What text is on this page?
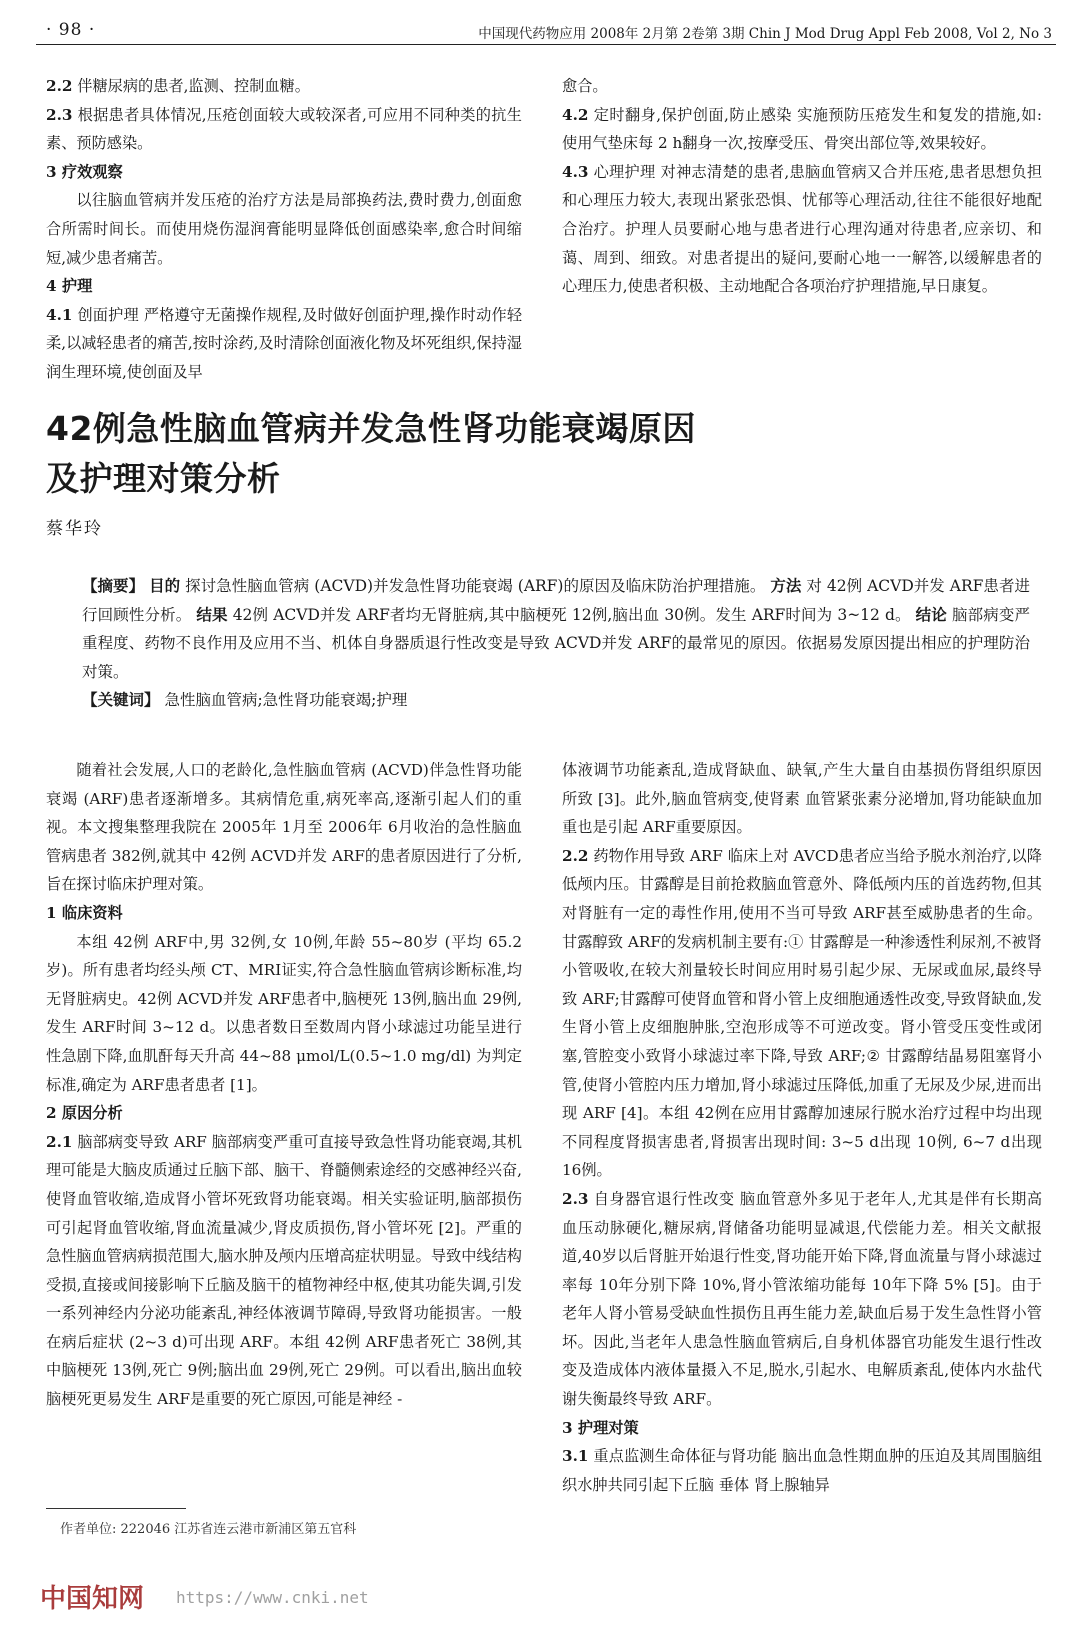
· 98 ·	中国现代药物应用 2008年 2月第 2卷第 3期 Chin J Mod Drug Appl Feb 2008, Vol 2, No 3

2.2 伴糖尿病的患者,监测、控制血糖。

2.3 根据患者具体情况,压疮创面较大或较深者,可应用不同种类的抗生素、预防感染。

3 疗效观察

以往脑血管病并发压疮的治疗方法是局部换药法,费时费力,创面愈合所需时间长。而使用烧伤湿润膏能明显降低创面感染率,愈合时间缩短,减少患者痛苦。

4 护理

4.1 创面护理 严格遵守无菌操作规程,及时做好创面护理,操作时动作轻柔,以减轻患者的痛苦,按时涂药,及时清除创面液化物及坏死组织,保持湿润生理环境,使创面及早

愈合。

4.2 定时翻身,保护创面,防止感染 实施预防压疮发生和复发的措施,如:使用气垫床每 2 h翻身一次,按摩受压、骨突出部位等,效果较好。

4.3 心理护理 对神志清楚的患者,患脑血管病又合并压疮,患者思想负担和心理压力较大,表现出紧张恐惧、忧郁等心理活动,往往不能很好地配合治疗。护理人员要耐心地与患者进行心理沟通对待患者,应亲切、和蔼、周到、细致。对患者提出的疑问,要耐心地一一解答,以缓解患者的心理压力,使患者积极、主动地配合各项治疗护理措施,早日康复。

42例急性脑血管病并发急性肾功能衰竭原因
及护理对策分析
蔡华玲

【摘要】 目的 探讨急性脑血管病 (ACVD)并发急性肾功能衰竭 (ARF)的原因及临床防治护理措施。 方法 对 42例 ACVD并发 ARF患者进行回顾性分析。 结果 42例 ACVD并发 ARF者均无肾脏病,其中脑梗死 12例,脑出血 30例。发生 ARF时间为 3~12 d。 结论 脑部病变严重程度、药物不良作用及应用不当、机体自身器质退行性改变是导致 ACVD并发 ARF的最常见的原因。依据易发原因提出相应的护理防治对策。

【关键词】 急性脑血管病;急性肾功能衰竭;护理

随着社会发展,人口的老龄化,急性脑血管病 (ACVD)伴急性肾功能衰竭 (ARF)患者逐渐增多。其病情危重,病死率高,逐渐引起人们的重视。本文搜集整理我院在 2005年 1月至 2006年 6月收治的急性脑血管病患者 382例,就其中 42例 ACVD并发 ARF的患者原因进行了分析,旨在探讨临床护理对策。

1 临床资料

本组 42例 ARF中,男 32例,女 10例,年龄 55~80岁 (平均 65.2岁)。所有患者均经头颅 CT、MRI证实,符合急性脑血管病诊断标准,均无肾脏病史。42例 ACVD并发 ARF患者中,脑梗死 13例,脑出血 29例,发生 ARF时间 3~12 d。以患者数日至数周内肾小球滤过功能呈进行性急剧下降,血肌酐每天升高 44~88 μmol/L(0.5~1.0 mg/dl) 为判定标准,确定为 ARF患者患者 [1]。

2 原因分析

2.1 脑部病变导致 ARF 脑部病变严重可直接导致急性肾功能衰竭,其机理可能是大脑皮质通过丘脑下部、脑干、脊髓侧索途经的交感神经兴奋,使肾血管收缩,造成肾小管坏死致肾功能衰竭。相关实验证明,脑部损伤可引起肾血管收缩,肾血流量减少,肾皮质损伤,肾小管坏死 [2]。严重的急性脑血管病病损范围大,脑水肿及颅内压增高症状明显。导致中线结构受损,直接或间接影响下丘脑及脑干的植物神经中枢,使其功能失调,引发一系列神经内分泌功能紊乱,神经体液调节障碍,导致肾功能损害。一般在病后症状 (2~3 d)可出现 ARF。本组 42例 ARF患者死亡 38例,其中脑梗死 13例,死亡 9例;脑出血 29例,死亡 29例。可以看出,脑出血较脑梗死更易发生 ARF是重要的死亡原因,可能是神经 -

体液调节功能紊乱,造成肾缺血、缺氧,产生大量自由基损伤肾组织原因所致 [3]。此外,脑血管病变,使肾素 血管紧张素分泌增加,肾功能缺血加重也是引起 ARF重要原因。

2.2 药物作用导致 ARF 临床上对 AVCD患者应当给予脱水剂治疗,以降低颅内压。甘露醇是目前抢救脑血管意外、降低颅内压的首选药物,但其对肾脏有一定的毒性作用,使用不当可导致 ARF甚至威胁患者的生命。甘露醇致 ARF的发病机制主要有:① 甘露醇是一种渗透性利尿剂,不被肾小管吸收,在较大剂量较长时间应用时易引起少尿、无尿或血尿,最终导致 ARF;甘露醇可使肾血管和肾小管上皮细胞通透性改变,导致肾缺血,发生肾小管上皮细胞肿胀,空泡形成等不可逆改变。肾小管受压变性或闭塞,管腔变小致肾小球滤过率下降,导致 ARF;② 甘露醇结晶易阻塞肾小管,使肾小管腔内压力增加,肾小球滤过压降低,加重了无尿及少尿,进而出现 ARF [4]。本组 42例在应用甘露醇加速尿行脱水治疗过程中均出现不同程度肾损害患者,肾损害出现时间: 3~5 d出现 10例, 6~7 d出现 16例。

2.3 自身器官退行性改变 脑血管意外多见于老年人,尤其是伴有长期高血压动脉硬化,糖尿病,肾储备功能明显减退,代偿能力差。相关文献报道,40岁以后肾脏开始退行性变,肾功能开始下降,肾血流量与肾小球滤过率每 10年分别下降 10%,肾小管浓缩功能每 10年下降 5% [5]。由于老年人肾小管易受缺血性损伤且再生能力差,缺血后易于发生急性肾小管坏。因此,当老年人患急性脑血管病后,自身机体器官功能发生退行性改变及造成体内液体量摄入不足,脱水,引起水、电解质紊乱,使体内水盐代谢失衡最终导致 ARF。

3 护理对策

3.1 重点监测生命体征与肾功能 脑出血急性期血肿的压迫及其周围脑组织水肿共同引起下丘脑 垂体 肾上腺轴异

作者单位: 222046 江苏省连云港市新浦区第五官科
中国知网 https://www.cnki.net
